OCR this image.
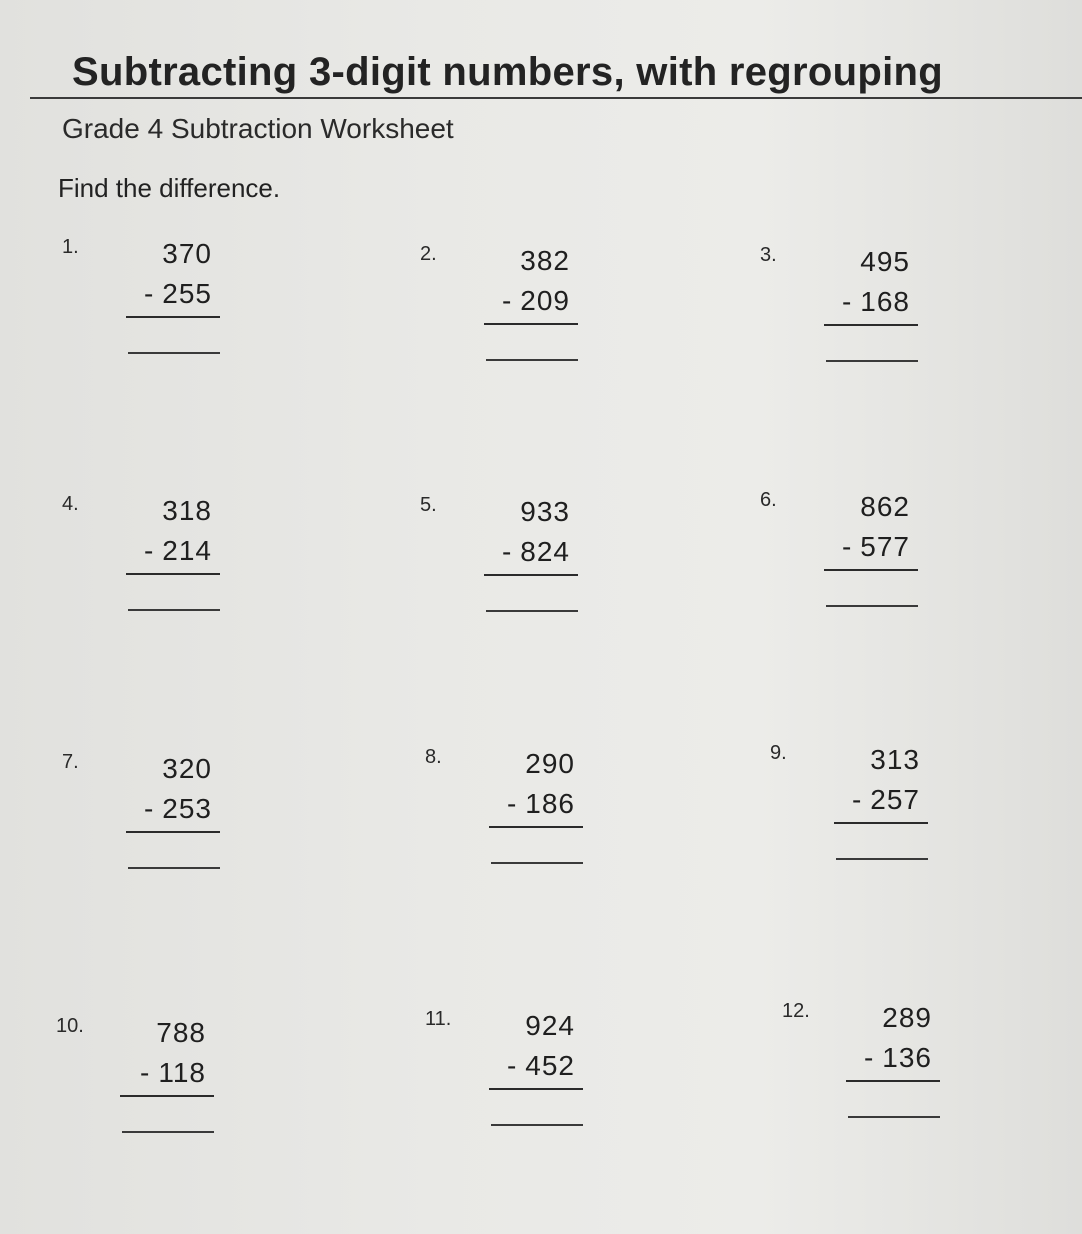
Subtracting 3-digit numbers, with regrouping
Grade 4 Subtraction Worksheet
Find the difference.
1.	370
- 255
2.	382
- 209
3.	495
- 168
4.	318
- 214
5.	933
- 824
6.	862
- 577
7.	320
- 253
8.	290
- 186
9.	313
- 257
10.	788
- 118
11.	924
- 452
12.	289
- 136
